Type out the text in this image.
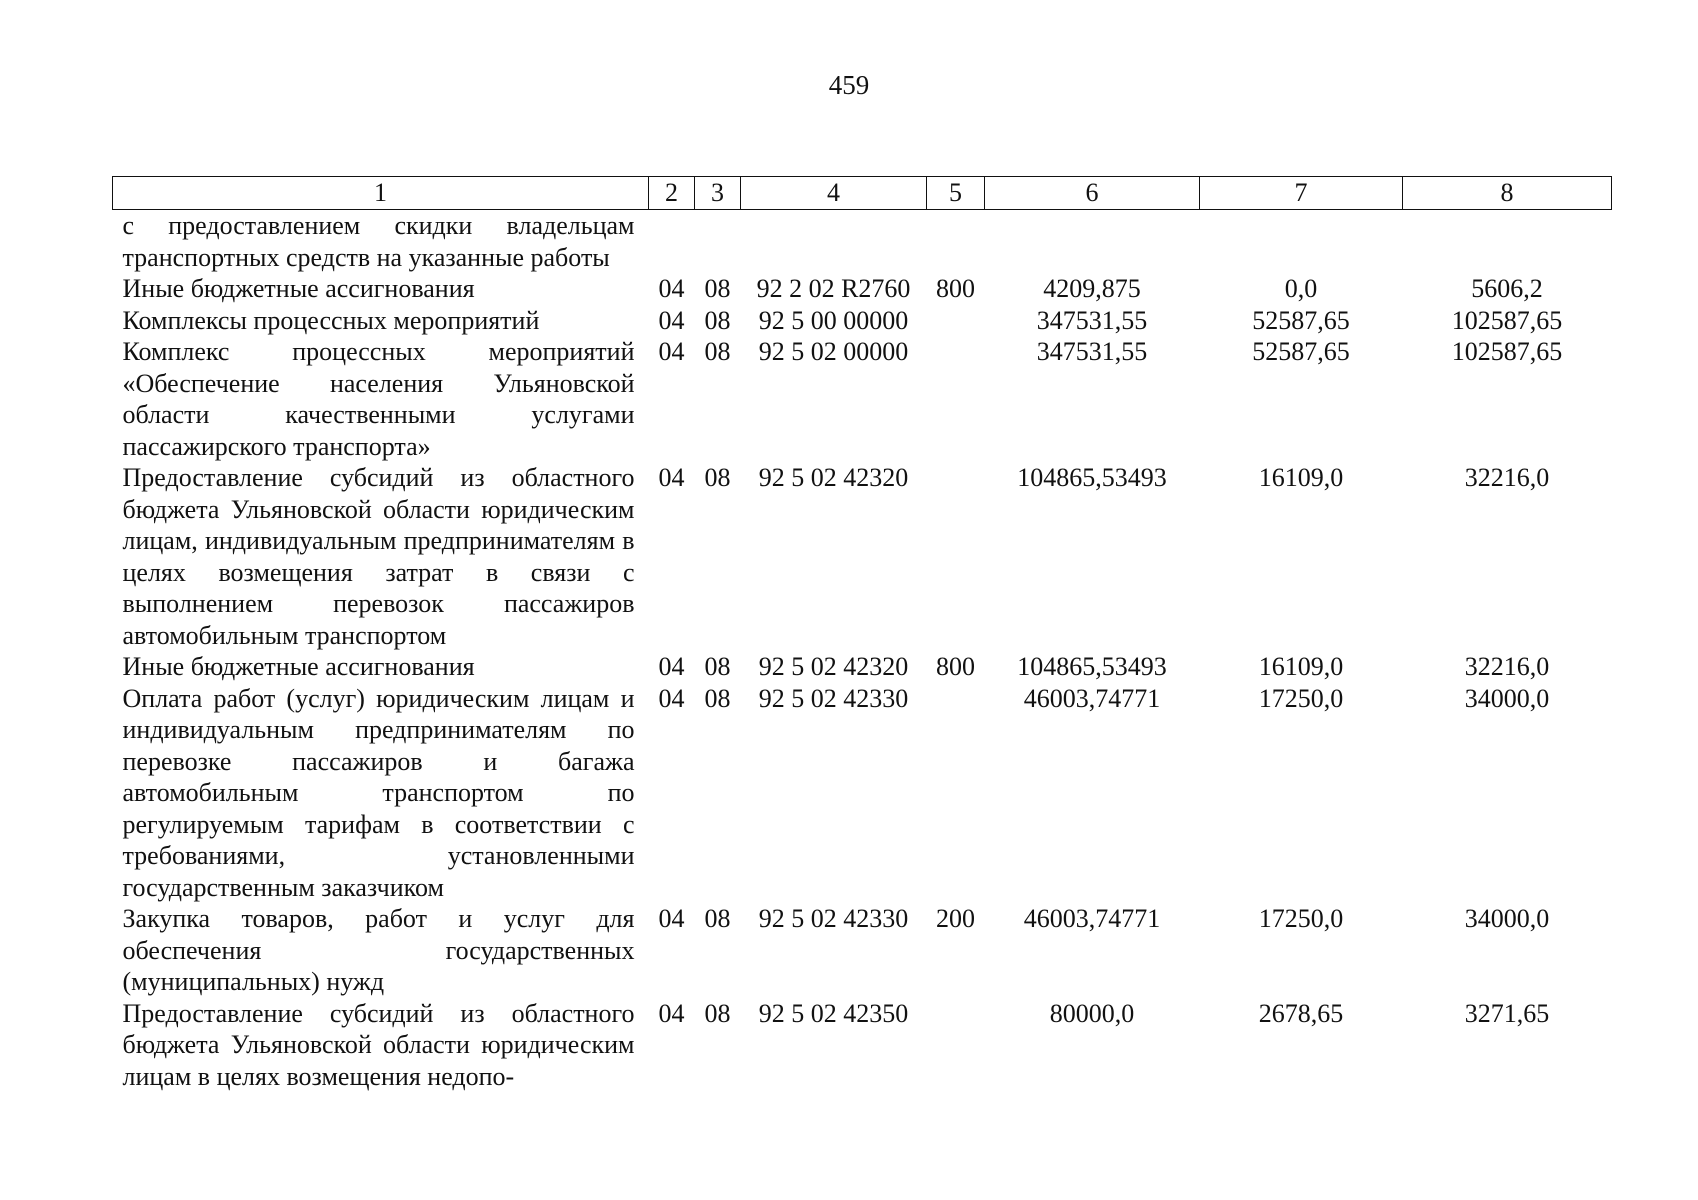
459
1	2	3	4	5	6	7	8
с предоставлением скидки владельцам транспортных средств на указанные работы							
Иные бюджетные ассигнования	04	08	92 2 02 R2760	800	4209,875	0,0	5606,2
Комплексы процессных мероприятий	04	08	92 5 00 00000		347531,55	52587,65	102587,65
Комплекс процессных мероприятий «Обеспечение населения Ульяновской области качественными услугами пассажирского транспорта»	04	08	92 5 02 00000		347531,55	52587,65	102587,65
Предоставление субсидий из областного бюджета Ульяновской области юридическим лицам, индивидуальным предпринимателям в целях возмещения затрат в связи с выполнением перевозок пассажиров автомобильным транспортом	04	08	92 5 02 42320		104865,53493	16109,0	32216,0
Иные бюджетные ассигнования	04	08	92 5 02 42320	800	104865,53493	16109,0	32216,0
Оплата работ (услуг) юридическим лицам и индивидуальным предпринимателям по перевозке пассажиров и багажа автомобильным транспортом по регулируемым тарифам в соответствии с требованиями, установленными государственным заказчиком	04	08	92 5 02 42330		46003,74771	17250,0	34000,0
Закупка товаров, работ и услуг для обеспечения государственных (муниципальных) нужд	04	08	92 5 02 42330	200	46003,74771	17250,0	34000,0
Предоставление субсидий из областного бюджета Ульяновской области юридическим лицам в целях возмещения недопо-	04	08	92 5 02 42350		80000,0	2678,65	3271,65
